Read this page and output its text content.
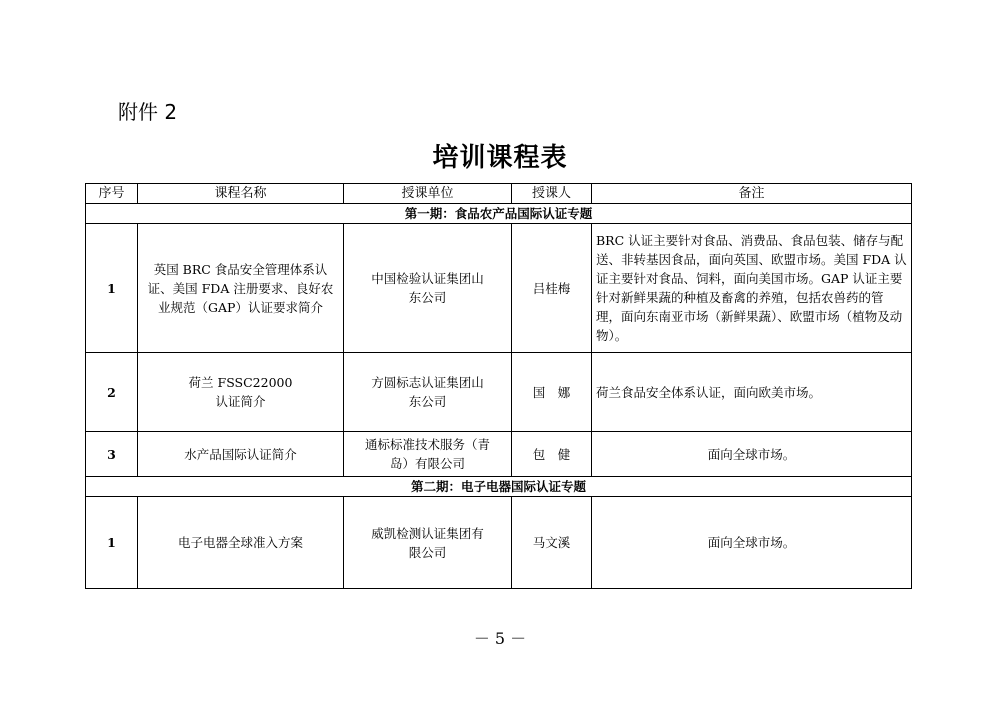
附件 2
培训课程表
序号	课程名称	授课单位	授课人	备注
第一期：食品农产品国际认证专题				
1	英国 BRC 食品安全管理体系认证、美国 FDA 注册要求、良好农业规范（GAP）认证要求简介	中国检验认证集团山东公司	吕桂梅	BRC 认证主要针对食品、消费品、食品包装、储存与配送、非转基因食品，面向英国、欧盟市场。美国 FDA 认证主要针对食品、饲料，面向美国市场。GAP 认证主要针对新鲜果蔬的种植及畜禽的养殖，包括农兽药的管理，面向东南亚市场（新鲜果蔬）、欧盟市场（植物及动物）。
2	荷兰 FSSC22000 认证简介	方圆标志认证集团山东公司	国　娜	荷兰食品安全体系认证，面向欧美市场。
3	水产品国际认证简介	通标标准技术服务（青岛）有限公司	包　健	面向全球市场。
第二期：电子电器国际认证专题				
1	电子电器全球准入方案	威凯检测认证集团有限公司	马文溪	面向全球市场。
－ 5 －
